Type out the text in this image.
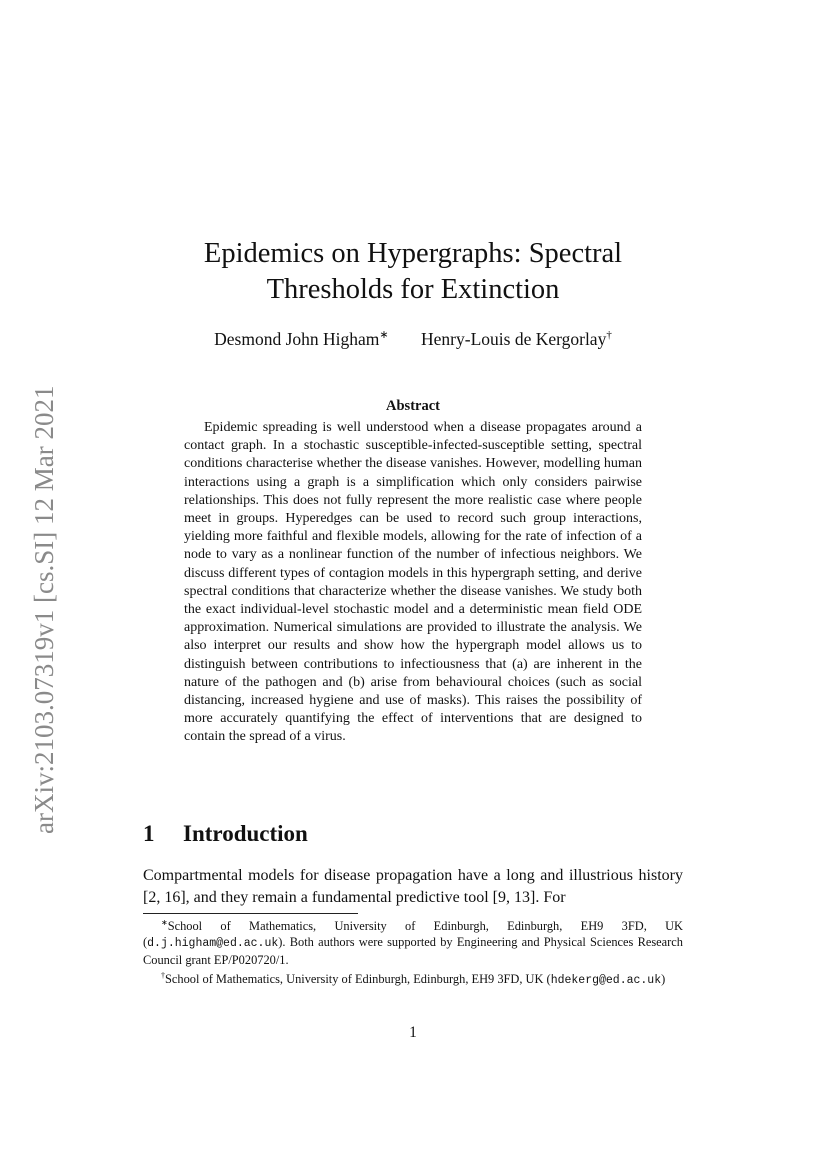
arXiv:2103.07319v1 [cs.SI] 12 Mar 2021
Epidemics on Hypergraphs: Spectral Thresholds for Extinction
Desmond John Higham∗ Henry-Louis de Kergorlay†
Abstract
Epidemic spreading is well understood when a disease propagates around a contact graph. In a stochastic susceptible-infected-susceptible setting, spectral conditions characterise whether the disease vanishes. However, modelling human interactions using a graph is a simplification which only considers pairwise relationships. This does not fully represent the more realistic case where people meet in groups. Hyperedges can be used to record such group interactions, yielding more faithful and flexible models, allowing for the rate of infection of a node to vary as a nonlinear function of the number of infectious neighbors. We discuss different types of contagion models in this hypergraph setting, and derive spectral conditions that characterize whether the disease vanishes. We study both the exact individual-level stochastic model and a deterministic mean field ODE approximation. Numerical simulations are provided to illustrate the analysis. We also interpret our results and show how the hypergraph model allows us to distinguish between contributions to infectiousness that (a) are inherent in the nature of the pathogen and (b) arise from behavioural choices (such as social distancing, increased hygiene and use of masks). This raises the possibility of more accurately quantifying the effect of interventions that are designed to contain the spread of a virus.
1 Introduction
Compartmental models for disease propagation have a long and illustrious history [2, 16], and they remain a fundamental predictive tool [9, 13]. For

∗School of Mathematics, University of Edinburgh, Edinburgh, EH9 3FD, UK (d.j.higham@ed.ac.uk). Both authors were supported by Engineering and Physical Sciences Research Council grant EP/P020720/1.

†School of Mathematics, University of Edinburgh, Edinburgh, EH9 3FD, UK (hdekerg@ed.ac.uk)

1
